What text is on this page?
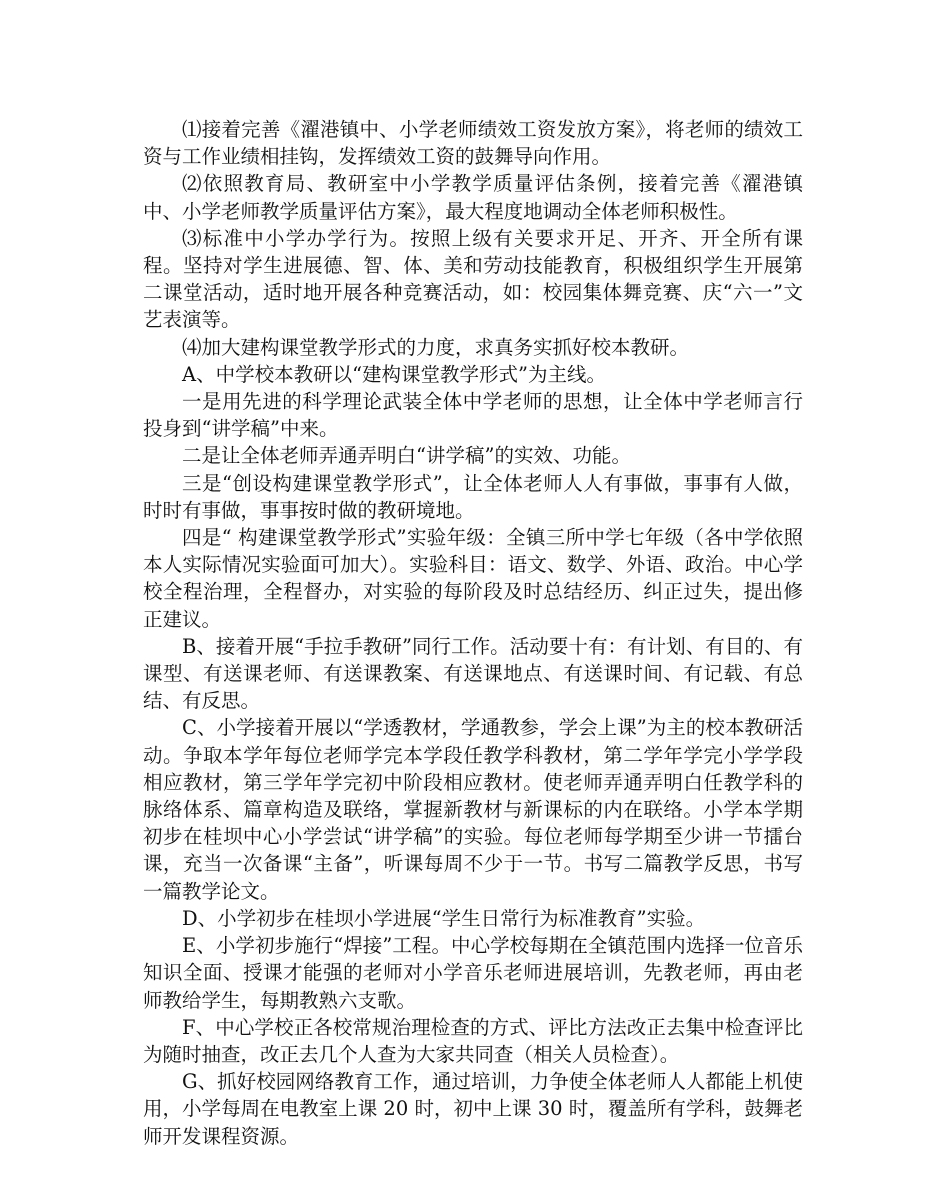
⑴接着完善《濯港镇中、小学老师绩效工资发放方案》，将老师的绩效工资与工作业绩相挂钩，发挥绩效工资的鼓舞导向作用。

⑵依照教育局、教研室中小学教学质量评估条例，接着完善《濯港镇中、小学老师教学质量评估方案》，最大程度地调动全体老师积极性。

⑶标准中小学办学行为。按照上级有关要求开足、开齐、开全所有课程。坚持对学生进展德、智、体、美和劳动技能教育，积极组织学生开展第二课堂活动，适时地开展各种竞赛活动，如：校园集体舞竞赛、庆“六一”文艺表演等。

⑷加大建构课堂教学形式的力度，求真务实抓好校本教研。

A、中学校本教研以“建构课堂教学形式”为主线。

一是用先进的科学理论武装全体中学老师的思想，让全体中学老师言行投身到“讲学稿”中来。

二是让全体老师弄通弄明白“讲学稿”的实效、功能。

三是“创设构建课堂教学形式”，让全体老师人人有事做，事事有人做，时时有事做，事事按时做的教研境地。

四是“ 构建课堂教学形式”实验年级：全镇三所中学七年级（各中学依照本人实际情况实验面可加大）。实验科目：语文、数学、外语、政治。中心学校全程治理，全程督办，对实验的每阶段及时总结经历、纠正过失，提出修正建议。

B、接着开展“手拉手教研”同行工作。活动要十有：有计划、有目的、有课型、有送课老师、有送课教案、有送课地点、有送课时间、有记载、有总结、有反思。

C、小学接着开展以“学透教材，学通教参，学会上课”为主的校本教研活动。争取本学年每位老师学完本学段任教学科教材，第二学年学完小学学段相应教材，第三学年学完初中阶段相应教材。使老师弄通弄明白任教学科的脉络体系、篇章构造及联络，掌握新教材与新课标的内在联络。小学本学期初步在桂坝中心小学尝试“讲学稿”的实验。每位老师每学期至少讲一节擂台课，充当一次备课“主备”，听课每周不少于一节。书写二篇教学反思，书写一篇教学论文。

D、小学初步在桂坝小学进展“学生日常行为标准教育”实验。

E、小学初步施行“焊接”工程。中心学校每期在全镇范围内选择一位音乐知识全面、授课才能强的老师对小学音乐老师进展培训，先教老师，再由老师教给学生，每期教熟六支歌。

F、中心学校正各校常规治理检查的方式、评比方法改正去集中检查评比为随时抽查，改正去几个人查为大家共同查（相关人员检查）。

G、抓好校园网络教育工作，通过培训，力争使全体老师人人都能上机使用，小学每周在电教室上课 20 时，初中上课 30 时，覆盖所有学科，鼓舞老师开发课程资源。
